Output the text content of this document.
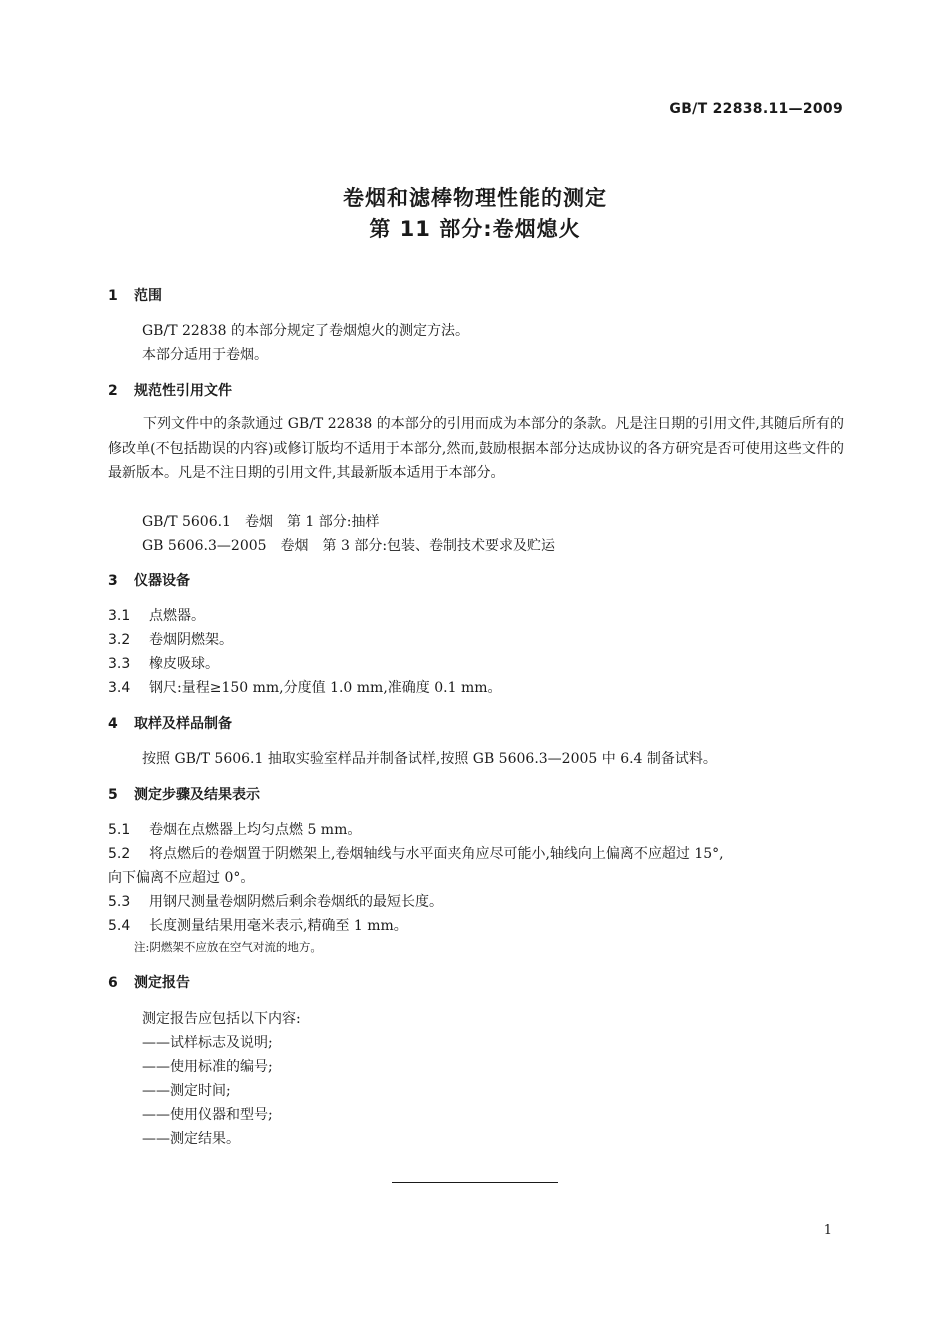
GB/T 22838.11—2009
卷烟和滤棒物理性能的测定
第 11 部分:卷烟熄火
1 范围
GB/T 22838 的本部分规定了卷烟熄火的测定方法。
本部分适用于卷烟。
2 规范性引用文件
下列文件中的条款通过 GB/T 22838 的本部分的引用而成为本部分的条款。凡是注日期的引用文件,其随后所有的修改单(不包括勘误的内容)或修订版均不适用于本部分,然而,鼓励根据本部分达成协议的各方研究是否可使用这些文件的最新版本。凡是不注日期的引用文件,其最新版本适用于本部分。
GB/T 5606.1　卷烟　第 1 部分:抽样
GB 5606.3—2005　卷烟　第 3 部分:包装、卷制技术要求及贮运
3 仪器设备
3.1 点燃器。
3.2 卷烟阴燃架。
3.3 橡皮吸球。
3.4 钢尺:量程≥150 mm,分度值 1.0 mm,准确度 0.1 mm。
4 取样及样品制备
按照 GB/T 5606.1 抽取实验室样品并制备试样,按照 GB 5606.3—2005 中 6.4 制备试料。
5 测定步骤及结果表示
5.1 卷烟在点燃器上均匀点燃 5 mm。
5.2 将点燃后的卷烟置于阴燃架上,卷烟轴线与水平面夹角应尽可能小,轴线向上偏离不应超过 15°,
向下偏离不应超过 0°。
5.3 用钢尺测量卷烟阴燃后剩余卷烟纸的最短长度。
5.4 长度测量结果用毫米表示,精确至 1 mm。
注:阴燃架不应放在空气对流的地方。
6 测定报告
测定报告应包括以下内容:
——试样标志及说明;
——使用标准的编号;
——测定时间;
——使用仪器和型号;
——测定结果。
1
